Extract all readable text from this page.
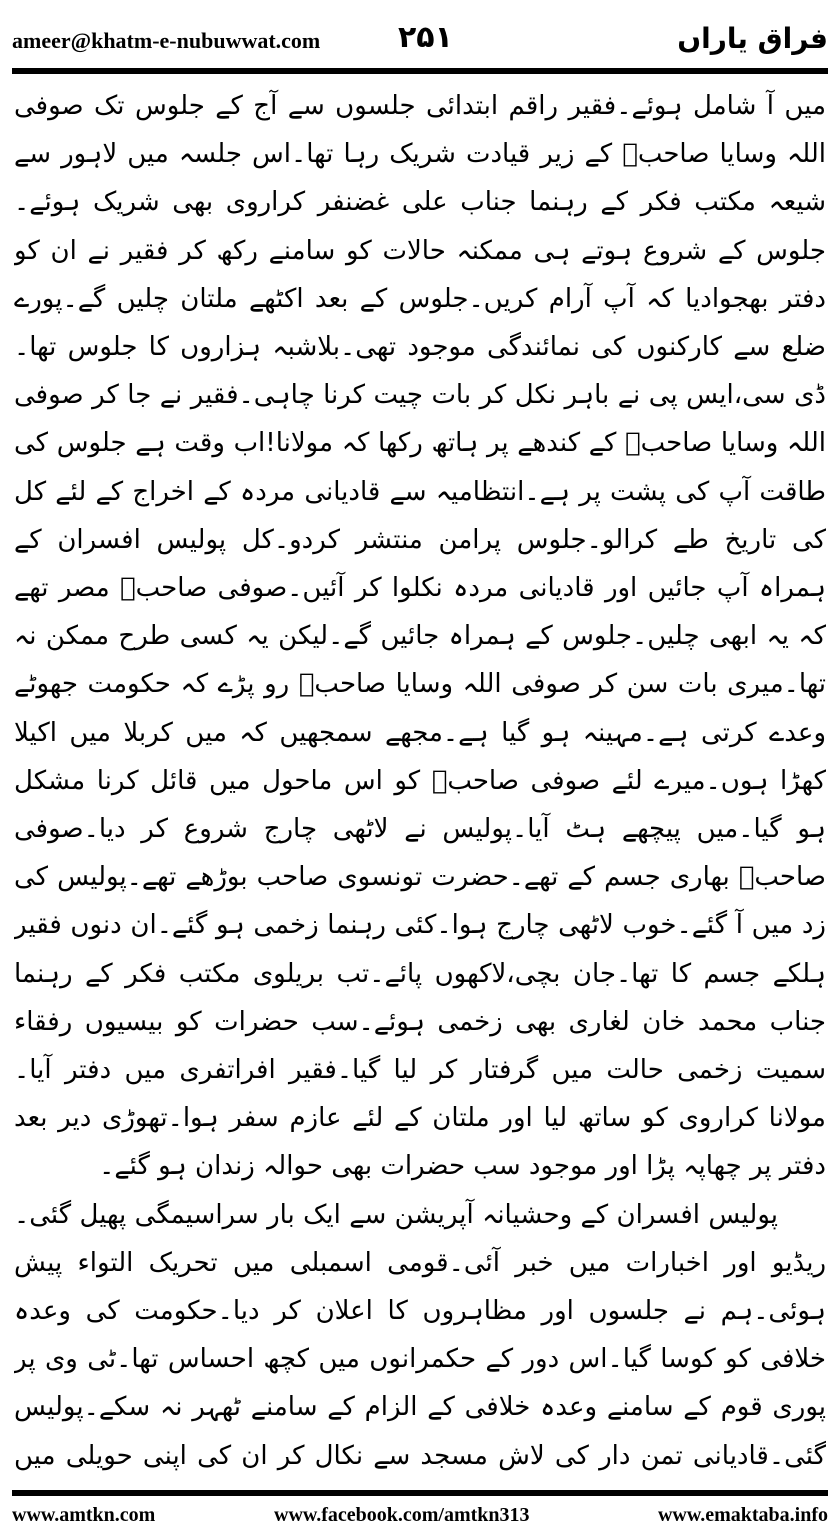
ameer@khatm-e-nubuwwat.com	۲۵۱	فراق یاراں

میں آ شامل ہوئے۔فقیر راقم ابتدائی جلسوں سے آج کے جلوس تک صوفی اللہ وسایا صاحبؒ کے زیر قیادت شریک رہا تھا۔اس جلسہ میں لاہور سے شیعہ مکتب فکر کے رہنما جناب علی غضنفر کراروی بھی شریک ہوئے۔جلوس کے شروع ہوتے ہی ممکنہ حالات کو سامنے رکھ کر فقیر نے ان کو دفتر بھجوادیا کہ آپ آرام کریں۔جلوس کے بعد اکٹھے ملتان چلیں گے۔پورے ضلع سے کارکنوں کی نمائندگی موجود تھی۔بلاشبہ ہزاروں کا جلوس تھا۔ڈی سی،ایس پی نے باہر نکل کر بات چیت کرنا چاہی۔فقیر نے جا کر صوفی اللہ وسایا صاحبؒ کے کندھے پر ہاتھ رکھا کہ مولانا!اب وقت ہے جلوس کی طاقت آپ کی پشت پر ہے۔انتظامیہ سے قادیانی مردہ کے اخراج کے لئے کل کی تاریخ طے کرالو۔جلوس پرامن منتشر کردو۔کل پولیس افسران کے ہمراہ آپ جائیں اور قادیانی مردہ نکلوا کر آئیں۔صوفی صاحبؒ مصر تھے کہ یہ ابھی چلیں۔جلوس کے ہمراہ جائیں گے۔لیکن یہ کسی طرح ممکن نہ تھا۔میری بات سن کر صوفی اللہ وسایا صاحبؒ رو پڑے کہ حکومت جھوٹے وعدے کرتی ہے۔مہینہ ہو گیا ہے۔مجھے سمجھیں کہ میں کربلا میں اکیلا کھڑا ہوں۔میرے لئے صوفی صاحبؒ کو اس ماحول میں قائل کرنا مشکل ہو گیا۔میں پیچھے ہٹ آیا۔پولیس نے لاٹھی چارج شروع کر دیا۔صوفی صاحبؒ بھاری جسم کے تھے۔حضرت تونسوی صاحب بوڑھے تھے۔پولیس کی زد میں آ گئے۔خوب لاٹھی چارج ہوا۔کئی رہنما زخمی ہو گئے۔ان دنوں فقیر ہلکے جسم کا تھا۔جان بچی،لاکھوں پائے۔تب بریلوی مکتب فکر کے رہنما جناب محمد خان لغاری بھی زخمی ہوئے۔سب حضرات کو بیسیوں رفقاء سمیت زخمی حالت میں گرفتار کر لیا گیا۔فقیر افراتفری میں دفتر آیا۔مولانا کراروی کو ساتھ لیا اور ملتان کے لئے عازم سفر ہوا۔تھوڑی دیر بعد دفتر پر چھاپہ پڑا اور موجود سب حضرات بھی حوالہ زندان ہو گئے۔

پولیس افسران کے وحشیانہ آپریشن سے ایک بار سراسیمگی پھیل گئی۔ریڈیو اور اخبارات میں خبر آئی۔قومی اسمبلی میں تحریک التواء پیش ہوئی۔ہم نے جلسوں اور مظاہروں کا اعلان کر دیا۔حکومت کی وعدہ خلافی کو کوسا گیا۔اس دور کے حکمرانوں میں کچھ احساس تھا۔ٹی وی پر پوری قوم کے سامنے وعدہ خلافی کے الزام کے سامنے ٹھہر نہ سکے۔پولیس گئی۔قادیانی تمن دار کی لاش مسجد سے نکال کر ان کی اپنی حویلی میں

www.amtkn.com	www.facebook.com/amtkn313	www.emaktaba.info
